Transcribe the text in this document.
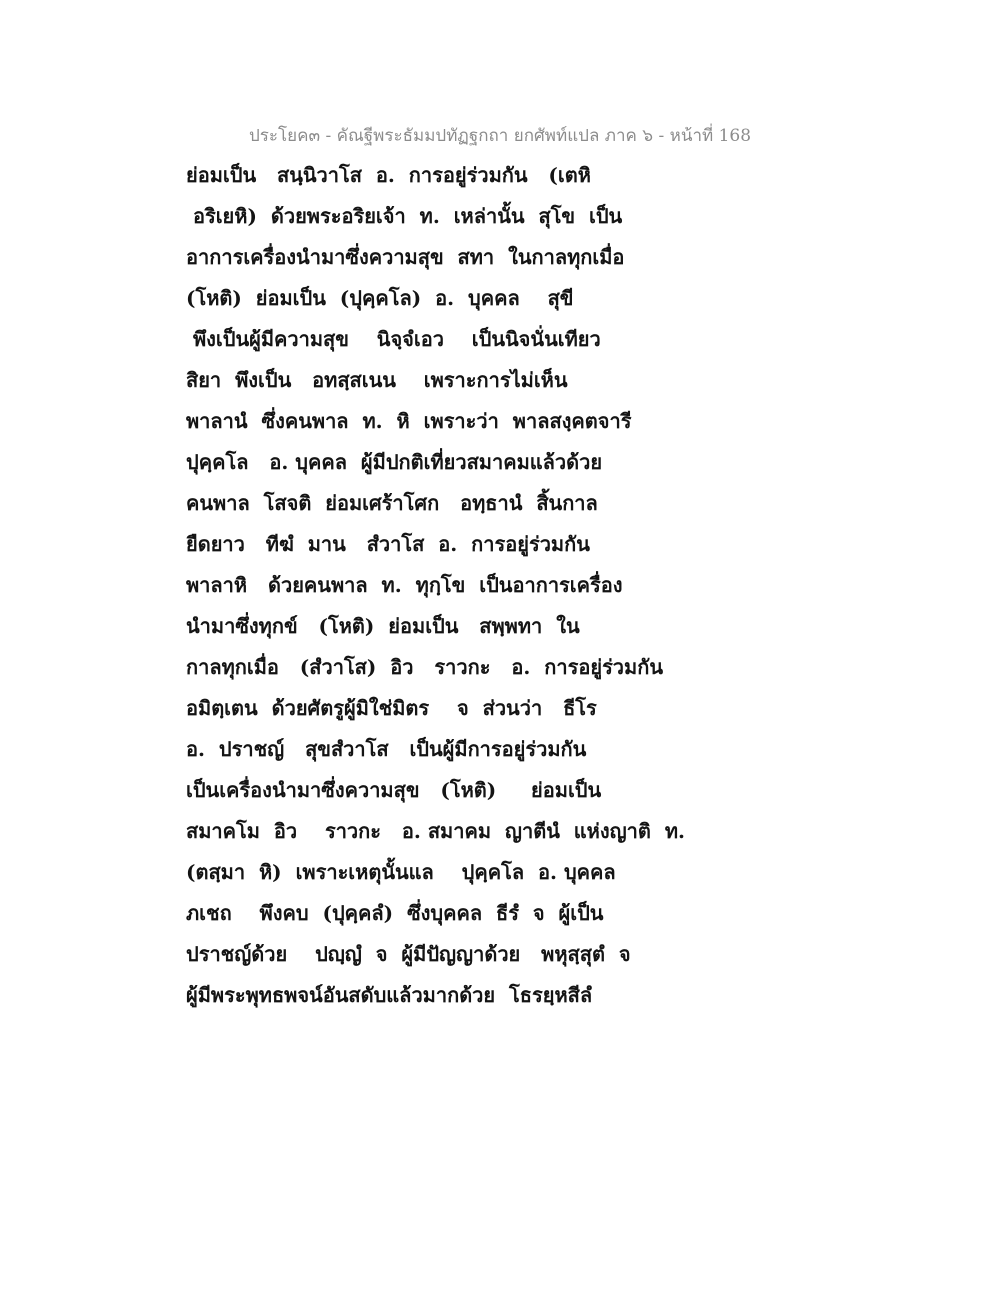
ประโยค๓ - คัณฐีพระธัมมปทัฏฐกถา ยกศัพท์แปล ภาค ๖ - หน้าที่ 168
ย่อมเป็น   สนฺนิวาโส  อ.  การอยู่ร่วมกัน   (เตหิ
อริเยหิ)  ด้วยพระอริยเจ้า  ท.  เหล่านั้น  สุโข  เป็น
อาการเครื่องนำมาซึ่งความสุข  สทา  ในกาลทุกเมื่อ
(โหติ)  ย่อมเป็น  (ปุคฺคโล)  อ.  บุคคล    สุขี
พึงเป็นผู้มีความสุข    นิจฺจํเอว    เป็นนิจนั่นเทียว
สิยา  พึงเป็น   อทสฺสเนน    เพราะการไม่เห็น
พาลานํ  ซึ่งคนพาล  ท.  หิ  เพราะว่า  พาลสงฺคตจารี
ปุคฺคโล   อ. บุคคล  ผู้มีปกติเที่ยวสมาคมแล้วด้วย
คนพาล  โสจติ  ย่อมเศร้าโศก   อทฺธานํ  สิ้นกาล
ยืดยาว   ทีฆํ  มาน   สํวาโส  อ.  การอยู่ร่วมกัน
พาลาหิ   ด้วยคนพาล  ท.  ทุกฺโข  เป็นอาการเครื่อง
นำมาซึ่งทุกข์   (โหติ)  ย่อมเป็น   สพฺพทา  ใน
กาลทุกเมื่อ   (สํวาโส)  อิว   ราวกะ   อ.  การอยู่ร่วมกัน
อมิตฺเตน  ด้วยศัตรูผู้มิใช่มิตร    จ  ส่วนว่า   ธีโร
อ.  ปราชญ์   สุขสํวาโส   เป็นผู้มีการอยู่ร่วมกัน
เป็นเครื่องนำมาซึ่งความสุข   (โหติ)     ย่อมเป็น
สมาคโม  อิว    ราวกะ   อ. สมาคม  ญาตีนํ  แห่งญาติ  ท.
(ตสฺมา  หิ)  เพราะเหตุนั้นแล    ปุคฺคโล  อ. บุคคล
ภเชถ    พึงคบ  (ปุคฺคลํ)  ซึ่งบุคคล  ธีรํ  จ  ผู้เป็น
ปราชญ์ด้วย    ปญฺญํ  จ  ผู้มีปัญญาด้วย   พหุสฺสุตํ  จ
ผู้มีพระพุทธพจน์อันสดับแล้วมากด้วย  โธรยฺหสีลํ
